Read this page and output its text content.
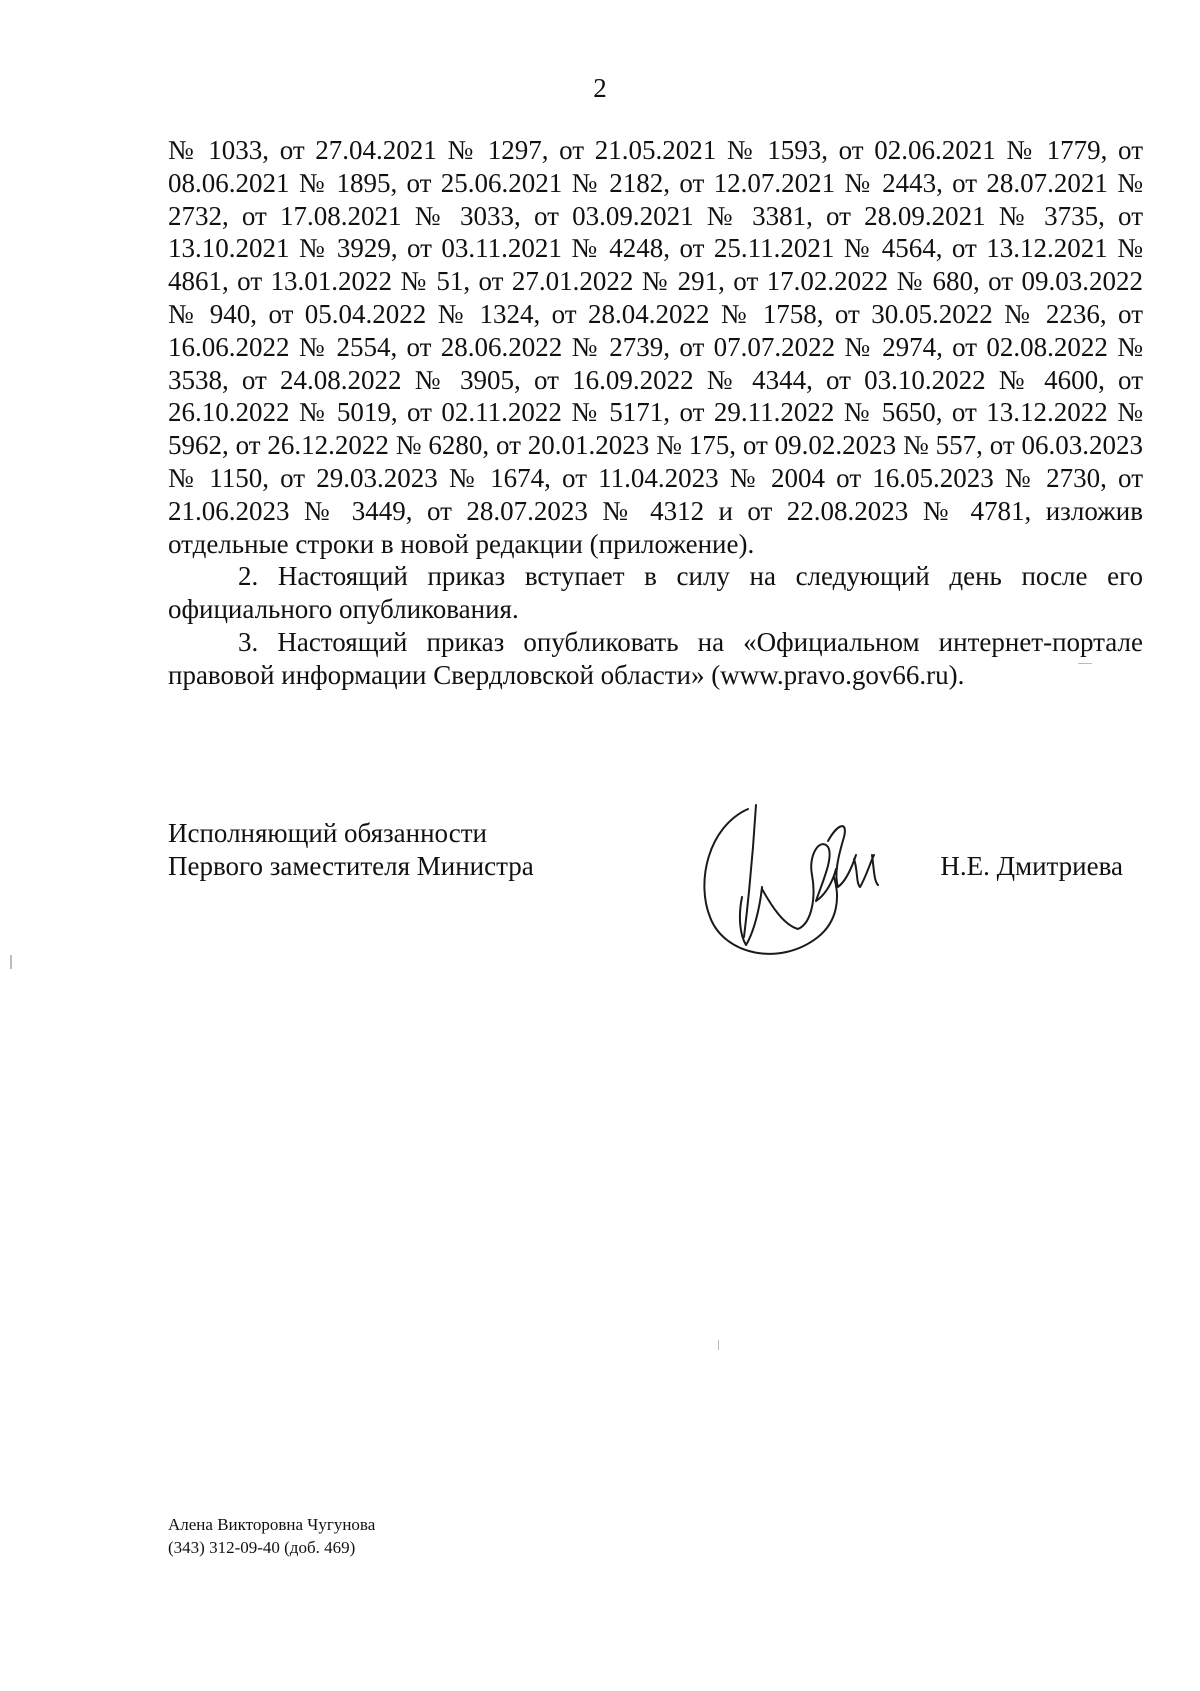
2

№ 1033, от 27.04.2021 № 1297, от 21.05.2021 № 1593, от 02.06.2021 № 1779, от 08.06.2021 № 1895, от 25.06.2021 № 2182, от 12.07.2021 № 2443, от 28.07.2021 № 2732, от 17.08.2021 № 3033, от 03.09.2021 № 3381, от 28.09.2021 № 3735, от 13.10.2021 № 3929, от 03.11.2021 № 4248, от 25.11.2021 № 4564, от 13.12.2021 № 4861, от 13.01.2022 № 51, от 27.01.2022 № 291, от 17.02.2022 № 680, от 09.03.2022 № 940, от 05.04.2022 № 1324, от 28.04.2022 № 1758, от 30.05.2022 № 2236, от 16.06.2022 № 2554, от 28.06.2022 № 2739, от 07.07.2022 № 2974, от 02.08.2022 № 3538, от 24.08.2022 № 3905, от 16.09.2022 № 4344, от 03.10.2022 № 4600, от 26.10.2022 № 5019, от 02.11.2022 № 5171, от 29.11.2022 № 5650, от 13.12.2022 № 5962, от 26.12.2022 № 6280, от 20.01.2023 № 175, от 09.02.2023 № 557, от 06.03.2023 № 1150, от 29.03.2023 № 1674, от 11.04.2023 № 2004 от 16.05.2023 № 2730, от 21.06.2023 № 3449, от 28.07.2023 № 4312 и от 22.08.2023 № 4781, изложив отдельные строки в новой редакции (приложение).

2. Настоящий приказ вступает в силу на следующий день после его официального опубликования.

3. Настоящий приказ опубликовать на «Официальном интернет-портале правовой информации Свердловской области» (www.pravo.gov66.ru).

Исполняющий обязанности
Первого заместителя Министра	Н.Е. Дмитриева
Алена Викторовна Чугунова
(343) 312-09-40 (доб. 469)
